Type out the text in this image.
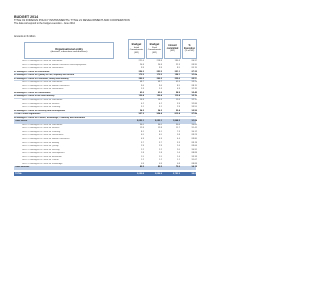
BUDGET 2014
TITLE 19 FOREIGN POLICY INSTRUMENTS / TITLE 21 DEVELOPMENT AND COOPERATION
The data correspond to the budget execution - June 2014
Amounts in € million
Organisational entity
(divisions, subsections and directives)
Budget
Initial Commitments
(M€)
Budget
Final Commitments
(M€)
Amount committed
(M€)
% Execution
(% of M€)
DEVCO Managers in Office for Directorate	221.6	218.8	190.3	86.97
DEVCO Managers in Office for Human Resources and Employment	24.8	24.8	22.3	89.95
DEVCO Managers in Office for Governance	9.9	9.9	8.5	85.70
01 Manager's Office for Directorate	256.3	253.5	221.1	87.23
02 Manager's Office for Quality of Life, Equality and Decent	172.5	172.5	158.1	91.64
03 Manager's Office of Protection, Safety and Mobility	290.2	290.2	239.6	82.57
DEVCO Managers in Office for Directorate	48.7	48.7	45.4	93.24
DEVCO Managers in Office for Human Resources	9.6	9.6	8.5	88.15
DEVCO Managers in Office for Governance	5.3	5.3	4.9	92.35
04 Manager's Office for Governance	63.6	63.6	58.8	92.45
05 Manager's Office of the Next Mobility	120.4	120.4	112.4	93.35
DEVCO Managers in Office for Directorate	16.9	16.9	15.6	92.31
DEVCO Managers in Office for Finance	4.2	4.2	3.9	92.86
DEVCO Managers in Office for Planning	3.1	3.1	2.9	93.55
06 Manager's Office for Security and Development	24.2	24.2	22.4	92.56
TOTAL Fund/Programmes	927.2	924.4	812.4	87.88
08 Manager's Office for Culture, Knowledge, Creativity and Innovation
Total Sector	2,052.1	2,052.1	1,868.2	91.04
DEVCO Managers in Office for Directorate	34.0	34.0	30.6	90.00
DEVCO Managers in Office for Finance	12.8	12.8	11.7	91.41
DEVCO Managers in Office for Planning	8.1	8.1	7.3	90.12
DEVCO Managers in Office for Governance	6.5	6.5	5.8	89.23
DEVCO Managers in Office for Human Resources	4.9	4.9	4.4	89.80
DEVCO Managers in Office for Mobility	3.7	3.7	3.3	89.19
DEVCO Managers in Office for Quality	2.9	2.9	2.6	89.66
DEVCO Managers in Office for Security	2.2	2.2	2.0	90.91
DEVCO Managers in Office for Development	1.8	1.8	1.6	88.89
DEVCO Managers in Office for Innovation	1.5	1.5	1.4	93.33
DEVCO Managers in Office for Culture	1.2	1.2	1.1	91.67
DEVCO Managers in Office for Knowledge	0.9	0.9	0.8	88.89
Total Services	80.5	80.5	72.6	90.19
TOTAL	3,059.8	3,056.9	2,753.2	90.07
